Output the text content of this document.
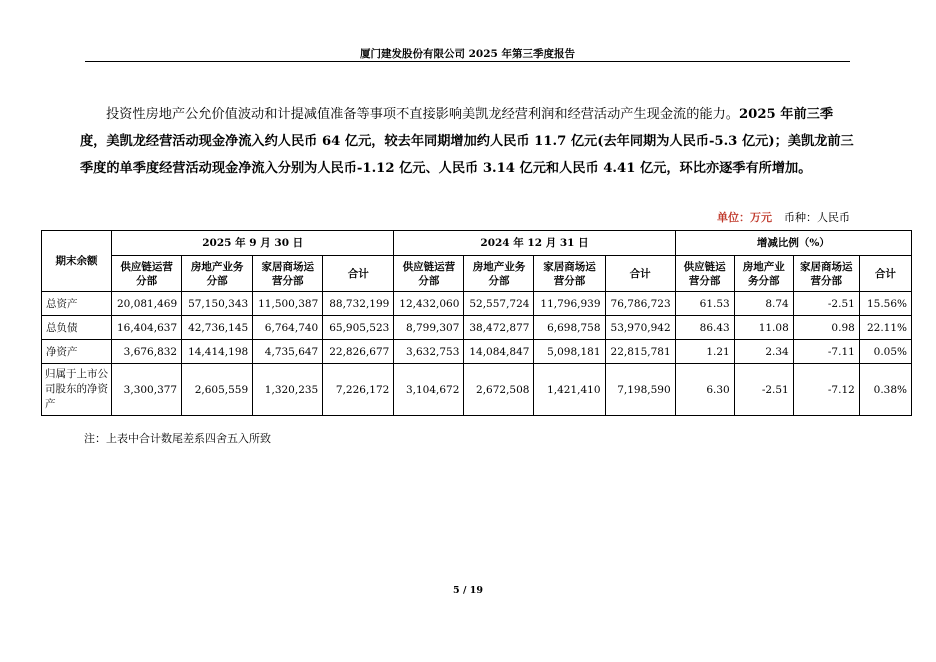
厦门建发股份有限公司 2025 年第三季度报告
投资性房地产公允价值波动和计提减值准备等事项不直接影响美凯龙经营利润和经营活动产生现金流的能力。2025 年前三季度，美凯龙经营活动现金净流入约人民币 64 亿元，较去年同期增加约人民币 11.7 亿元(去年同期为人民币-5.3 亿元)；美凯龙前三季度的单季度经营活动现金净流入分别为人民币-1.12 亿元、人民币 3.14 亿元和人民币 4.41 亿元，环比亦逐季有所增加。
单位：万元 币种：人民币
期末余额	2025 年 9 月 30 日				2024 年 12 月 31 日				增减比例（%）			
	供应链运营分部	房地产业务分部	家居商场运营分部	合计	供应链运营分部	房地产业务分部	家居商场运营分部	合计	供应链运营分部	房地产业务分部	家居商场运营分部	合计
总资产	20,081,469	57,150,343	11,500,387	88,732,199	12,432,060	52,557,724	11,796,939	76,786,723	61.53	8.74	-2.51	15.56%
总负债	16,404,637	42,736,145	6,764,740	65,905,523	8,799,307	38,472,877	6,698,758	53,970,942	86.43	11.08	0.98	22.11%
净资产	3,676,832	14,414,198	4,735,647	22,826,677	3,632,753	14,084,847	5,098,181	22,815,781	1.21	2.34	-7.11	0.05%
归属于上市公司股东的净资产	3,300,377	2,605,559	1,320,235	7,226,172	3,104,672	2,672,508	1,421,410	7,198,590	6.30	-2.51	-7.12	0.38%
注：上表中合计数尾差系四舍五入所致
5 / 19
